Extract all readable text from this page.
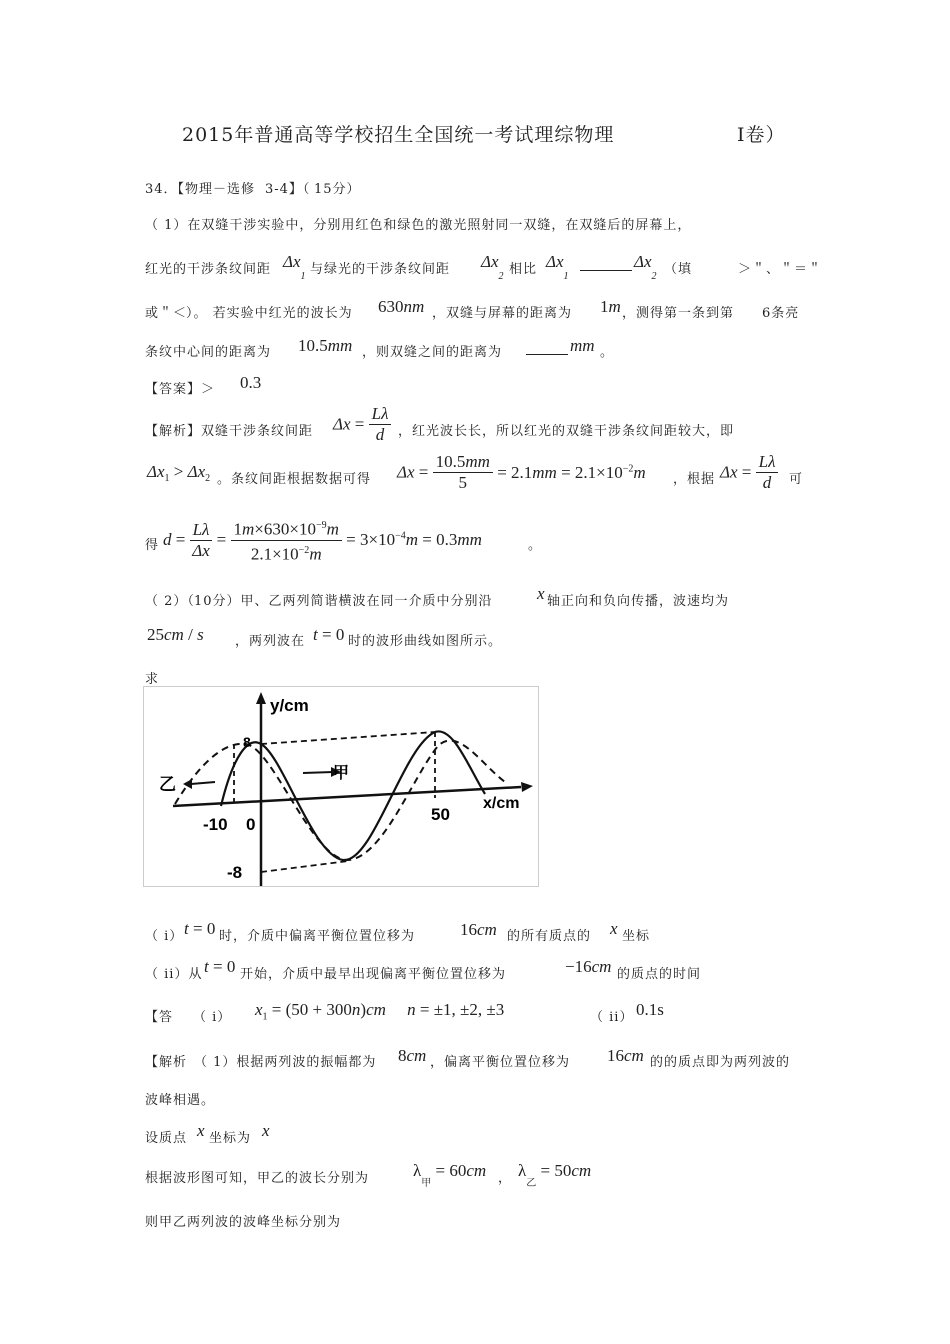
2015年普通高等学校招生全国统一考试理综物理	Ⅰ卷）
34．【物理－选修 3-4】（ 15分）
（ 1）在双缝干涉实验中，分别用红色和绿色的激光照射同一双缝，在双缝后的屏幕上，
红光的干涉条纹间距 $\Delta x_1$ 与绿光的干涉条纹间距 $\Delta x_2$ 相比 $\Delta x_1$
$\Delta x_2$ （填	＞＂、＂＝＂
或＂＜
）。 若实验中红光的波长为 630nm ，双缝与屏幕的距离为 1m ，测得第一条到第 6条亮
条纹中心间的距离为 10.5mm ，则双缝之间的距离为	mm 。
【答案】＞ 0.3
【解析】双缝干涉条纹间距 $\Delta x = \frac{L\lambda}{d}$ ，红光波长长，所以红光的双缝干涉条纹间距较大，即
$\Delta x_1 > \Delta x_2$ 。条纹间距根据数据可得 $\Delta x = \frac{10.5mm}{5} = 2.1mm = 2.1\times 10^{-2}m$ ，根据 $\Delta x = \frac{L\lambda}{d}$ 可
得 $d = \frac{L\lambda}{\Delta x} = \frac{1m\times 630\times 10^{-9}m}{2.1\times 10^{-2}m} = 3\times 10^{-4}m = 0.3mm$	。
（ 2）（ 10分）甲、乙两列简谐横波在同一介质中分别沿	x 轴正向和负向传播，波速均为
25cm / s ，两列波在 t = 0 时的波形曲线如图所示。
求
y/cm
x/cm
乙
甲
-10 0
50
-8
8
（ i） t = 0 时，介质中偏离平衡位置位移为	16cm 的所有质点的 x 坐标
（ ii）从 t = 0 开始，介质中最早出现偏离平衡位置位移为	−16cm 的质点的时间
【答 （ i） $x_1 = (50 + 300n)cm$ n = ±1, ±2, ±3	（ ii） 0.1s
【解析 （ 1）根据两列波的振幅都为 8cm ，偏离平衡位置位移为 16cm 的的质点即为两列波的
波峰相遇。
设质点 x 坐标为 x
根据波形图可知，甲乙的波长分别为	$\lambda_甲 = 60cm$ ， $\lambda_乙 = 50cm$
则甲乙两列波的波峰坐标分别为
